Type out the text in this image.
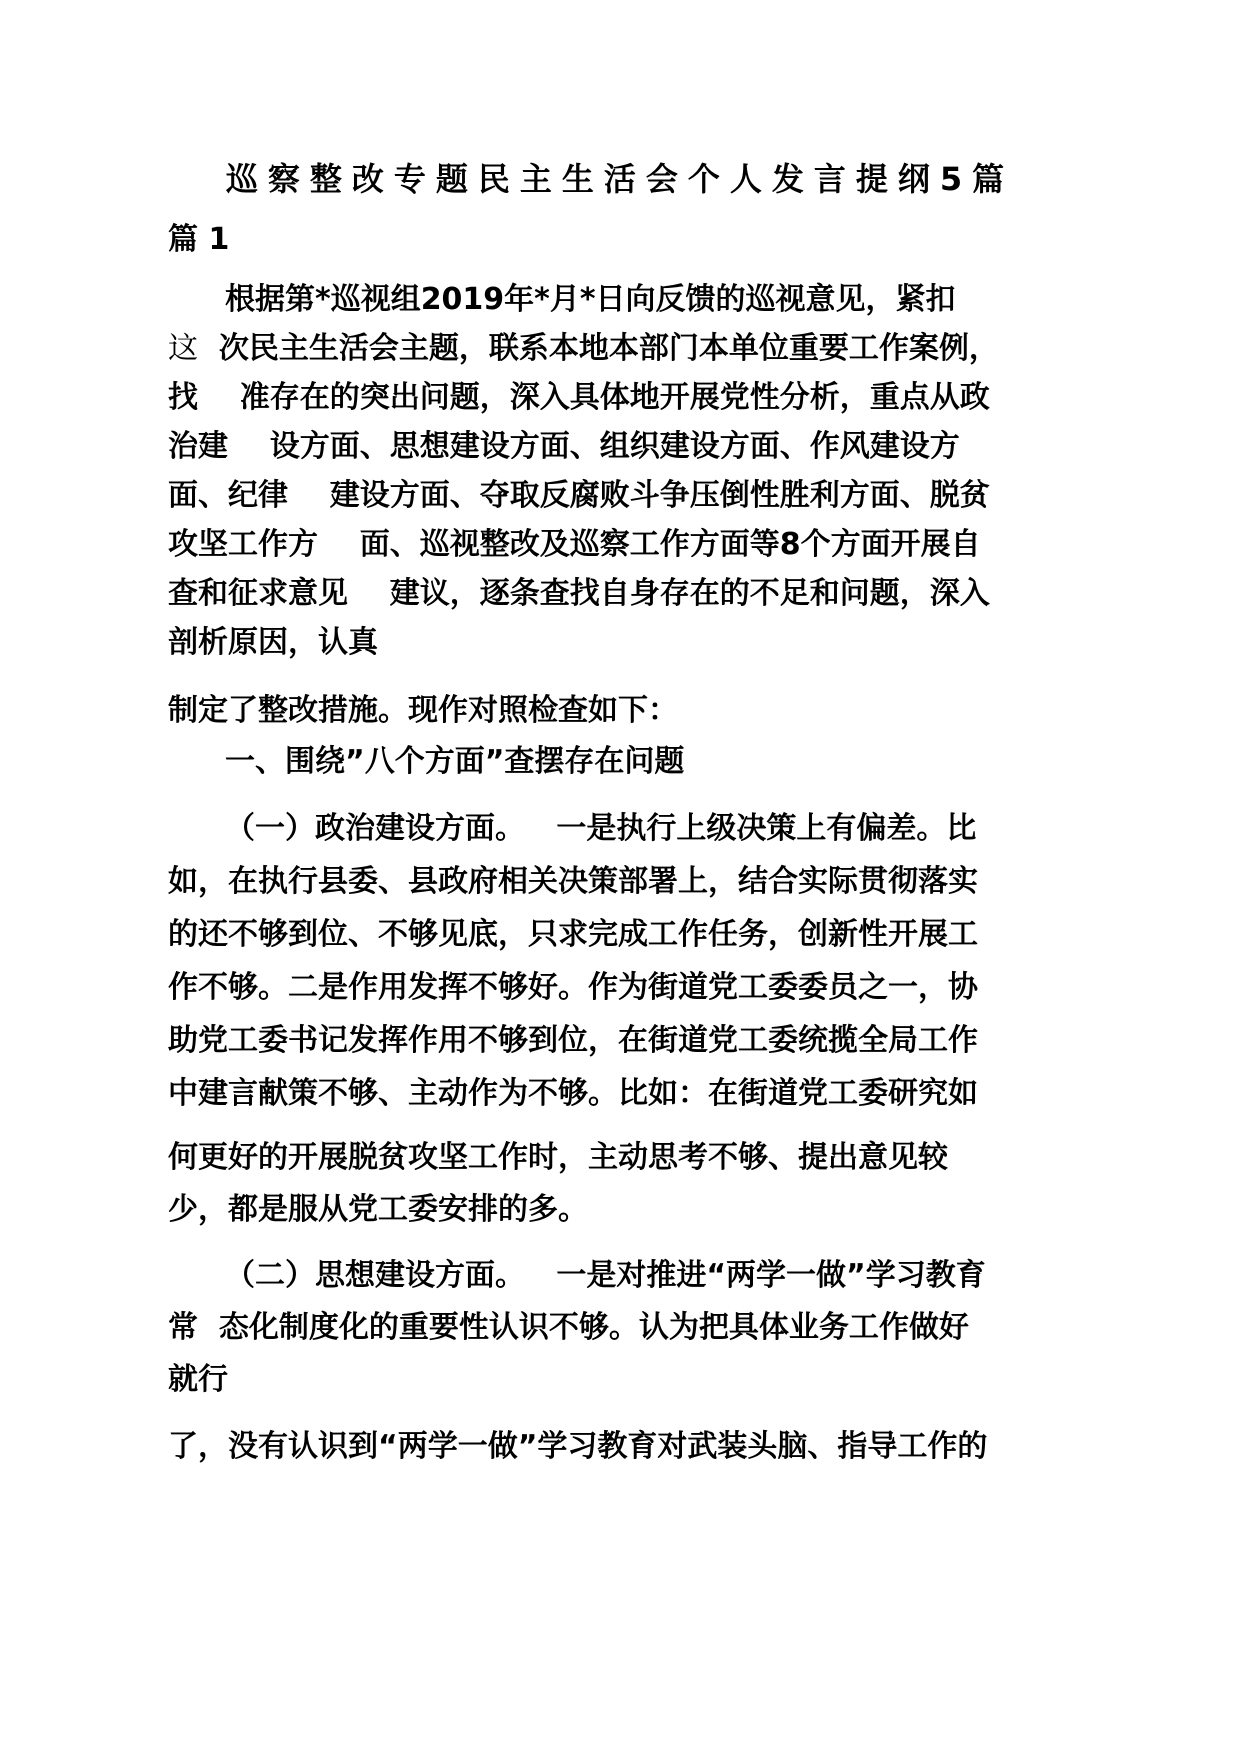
巡察整改专题民主生活会个人发言提纲5篇
篇 1
根据第*巡视组2019年*月*日向反馈的巡视意见，紧扣
这  次民主生活会主题，联系本地本部门本单位重要工作案例，
找    准存在的突出问题，深入具体地开展党性分析，重点从政
治建    设方面、思想建设方面、组织建设方面、作风建设方
面、纪律    建设方面、夺取反腐败斗争压倒性胜利方面、脱贫
攻坚工作方    面、巡视整改及巡察工作方面等8个方面开展自
查和征求意见    建议，逐条查找自身存在的不足和问题，深入
剖析原因，认真
制定了整改措施。现作对照检查如下：
一、围绕”八个方面”查摆存在问题
（一）政治建设方面。   一是执行上级决策上有偏差。比
如，在执行县委、县政府相关决策部署上，结合实际贯彻落实
的还不够到位、不够见底，只求完成工作任务，创新性开展工
作不够。二是作用发挥不够好。作为街道党工委委员之一，协
助党工委书记发挥作用不够到位，在街道党工委统揽全局工作
中建言献策不够、主动作为不够。比如：在街道党工委研究如
何更好的开展脱贫攻坚工作时，主动思考不够、提出意见较
少，都是服从党工委安排的多。
（二）思想建设方面。   一是对推进“两学一做”学习教育
常  态化制度化的重要性认识不够。认为把具体业务工作做好
就行
了，没有认识到“两学一做”学习教育对武装头脑、指导工作的
